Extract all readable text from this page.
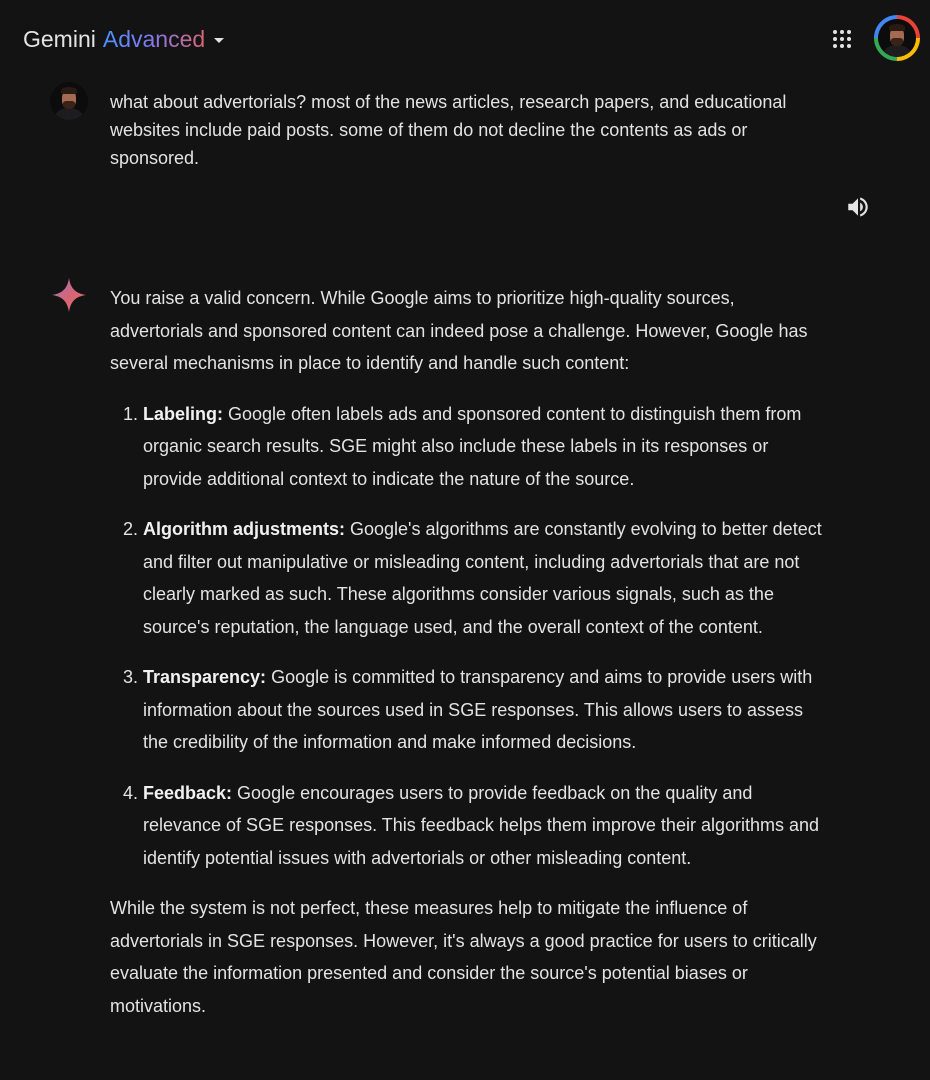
Gemini Advanced

what about advertorials? most of the news articles, research papers, and educational websites include paid posts. some of them do not decline the contents as ads or sponsored.

You raise a valid concern. While Google aims to prioritize high-quality sources, advertorials and sponsored content can indeed pose a challenge. However, Google has several mechanisms in place to identify and handle such content:

1. Labeling: Google often labels ads and sponsored content to distinguish them from organic search results. SGE might also include these labels in its responses or provide additional context to indicate the nature of the source.
2. Algorithm adjustments: Google's algorithms are constantly evolving to better detect and filter out manipulative or misleading content, including advertorials that are not clearly marked as such. These algorithms consider various signals, such as the source's reputation, the language used, and the overall context of the content.
3. Transparency: Google is committed to transparency and aims to provide users with information about the sources used in SGE responses. This allows users to assess the credibility of the information and make informed decisions.
4. Feedback: Google encourages users to provide feedback on the quality and relevance of SGE responses. This feedback helps them improve their algorithms and identify potential issues with advertorials or other misleading content.

While the system is not perfect, these measures help to mitigate the influence of advertorials in SGE responses. However, it's always a good practice for users to critically evaluate the information presented and consider the source's potential biases or motivations.
